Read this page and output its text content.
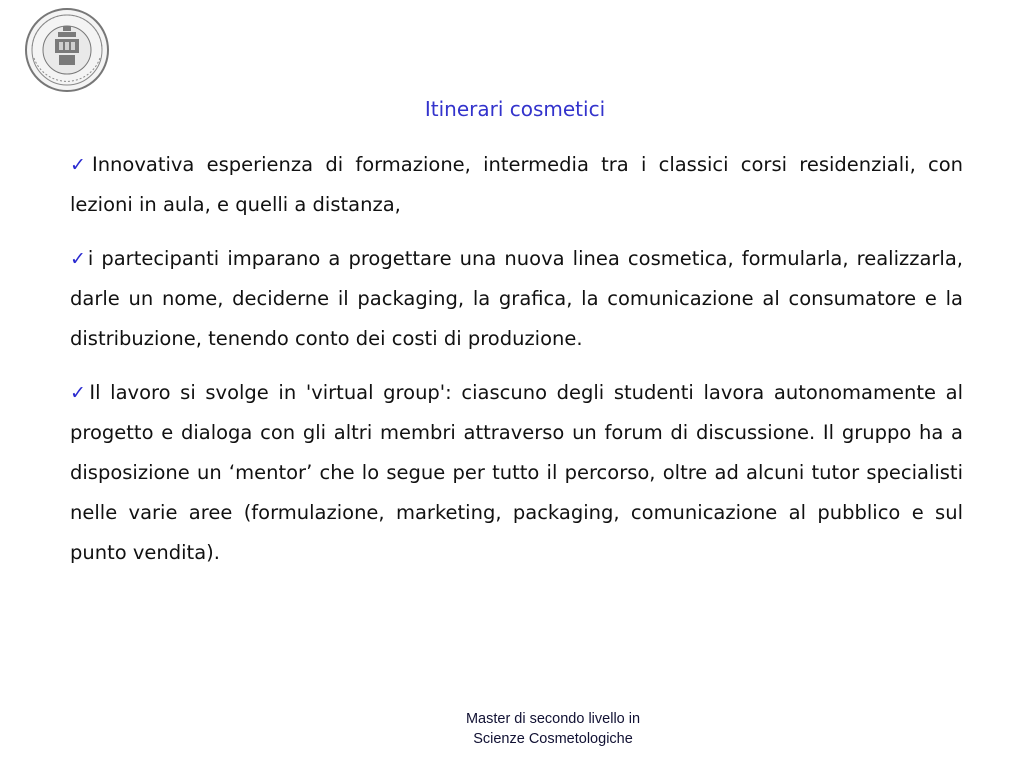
Itinerari cosmetici
✓Innovativa esperienza di formazione, intermedia tra i classici corsi residenziali, con lezioni in aula, e quelli a distanza,
✓i partecipanti imparano a progettare una nuova linea cosmetica, formularla, realizzarla, darle un nome, deciderne il packaging, la grafica, la comunicazione al consumatore e la distribuzione, tenendo conto dei costi di produzione.
✓Il lavoro si svolge in 'virtual group': ciascuno degli studenti lavora autonomamente al progetto e dialoga con gli altri membri attraverso un forum di discussione. Il gruppo ha a disposizione un ‘mentor’ che lo segue per tutto il percorso, oltre ad alcuni tutor specialisti nelle varie aree (formulazione, marketing, packaging, comunicazione al pubblico e sul punto vendita).
Master di secondo livello in
Scienze Cosmetologiche
